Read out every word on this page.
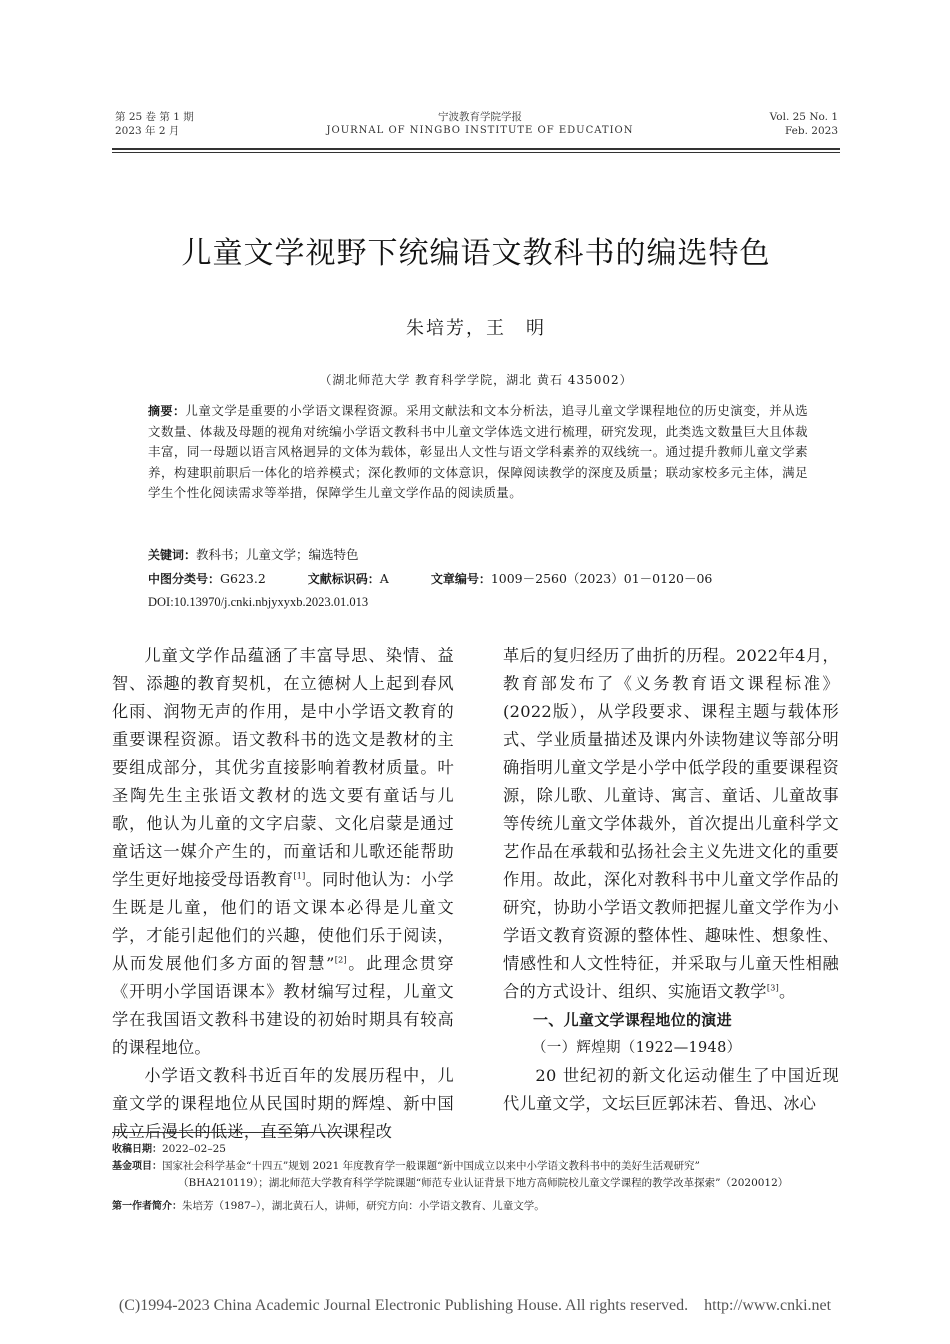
第 25 卷 第 1 期
2023 年 2 月
宁波教育学院学报
JOURNAL OF NINGBO INSTITUTE OF EDUCATION
Vol. 25 No. 1
Feb. 2023
儿童文学视野下统编语文教科书的编选特色
朱培芳，王　明
（湖北师范大学 教育科学学院，湖北 黄石 435002）
摘要：儿童文学是重要的小学语文课程资源。采用文献法和文本分析法，追寻儿童文学课程地位的历史演变，并从选文数量、体裁及母题的视角对统编小学语文教科书中儿童文学体选文进行梳理，研究发现，此类选文数量巨大且体裁丰富，同一母题以语言风格迥异的文体为载体，彰显出人文性与语文学科素养的双线统一。通过提升教师儿童文学素养，构建职前职后一体化的培养模式；深化教师的文体意识，保障阅读教学的深度及质量；联动家校多元主体，满足学生个性化阅读需求等举措，保障学生儿童文学作品的阅读质量。
关键词：教科书；儿童文学；编选特色
中图分类号：G623.2	文献标识码：A	文章编号：1009－2560（2023）01－0120－06
DOI:10.13970/j.cnki.nbjyxyxb.2023.01.013

儿童文学作品蕴涵了丰富导思、染情、益智、添趣的教育契机，在立德树人上起到春风化雨、润物无声的作用，是中小学语文教育的重要课程资源。语文教科书的选文是教材的主要组成部分，其优劣直接影响着教材质量。叶圣陶先生主张语文教材的选文要有童话与儿歌，他认为儿童的文字启蒙、文化启蒙是通过童话这一媒介产生的，而童话和儿歌还能帮助学生更好地接受母语教育[1]。同时他认为：小学生既是儿童，他们的语文课本必得是儿童文学，才能引起他们的兴趣，使他们乐于阅读，从而发展他们多方面的智慧”[2]。此理念贯穿《开明小学国语课本》教材编写过程，儿童文学在我国语文教科书建设的初始时期具有较高的课程地位。

小学语文教科书近百年的发展历程中，儿童文学的课程地位从民国时期的辉煌、新中国成立后漫长的低迷，直至第八次课程改

革后的复归经历了曲折的历程。2022年4月，教育部发布了《义务教育语文课程标准》(2022版），从学段要求、课程主题与载体形式、学业质量描述及课内外读物建议等部分明确指明儿童文学是小学中低学段的重要课程资源，除儿歌、儿童诗、寓言、童话、儿童故事等传统儿童文学体裁外，首次提出儿童科学文艺作品在承载和弘扬社会主义先进文化的重要作用。故此，深化对教科书中儿童文学作品的研究，协助小学语文教师把握儿童文学作为小学语文教育资源的整体性、趣味性、想象性、情感性和人文性特征，并采取与儿童天性相融合的方式设计、组织、实施语文教学[3]。

一、儿童文学课程地位的演进

（一）辉煌期（1922—1948）

20 世纪初的新文化运动催生了中国近现代儿童文学，文坛巨匠郭沫若、鲁迅、冰心

收稿日期：2022–02–25
基金项目：国家社会科学基金“十四五”规划 2021 年度教育学一般课题“新中国成立以来中小学语文教科书中的美好生活观研究”
（BHA210119）；湖北师范大学教育科学学院课题“师范专业认证背景下地方高师院校儿童文学课程的教学改革探索”（2020012）
第一作者简介：朱培芳（1987–），湖北黄石人，讲师，研究方向：小学语文教育、儿童文学。
(C)1994-2023 China Academic Journal Electronic Publishing House. All rights reserved.    http://www.cnki.net
